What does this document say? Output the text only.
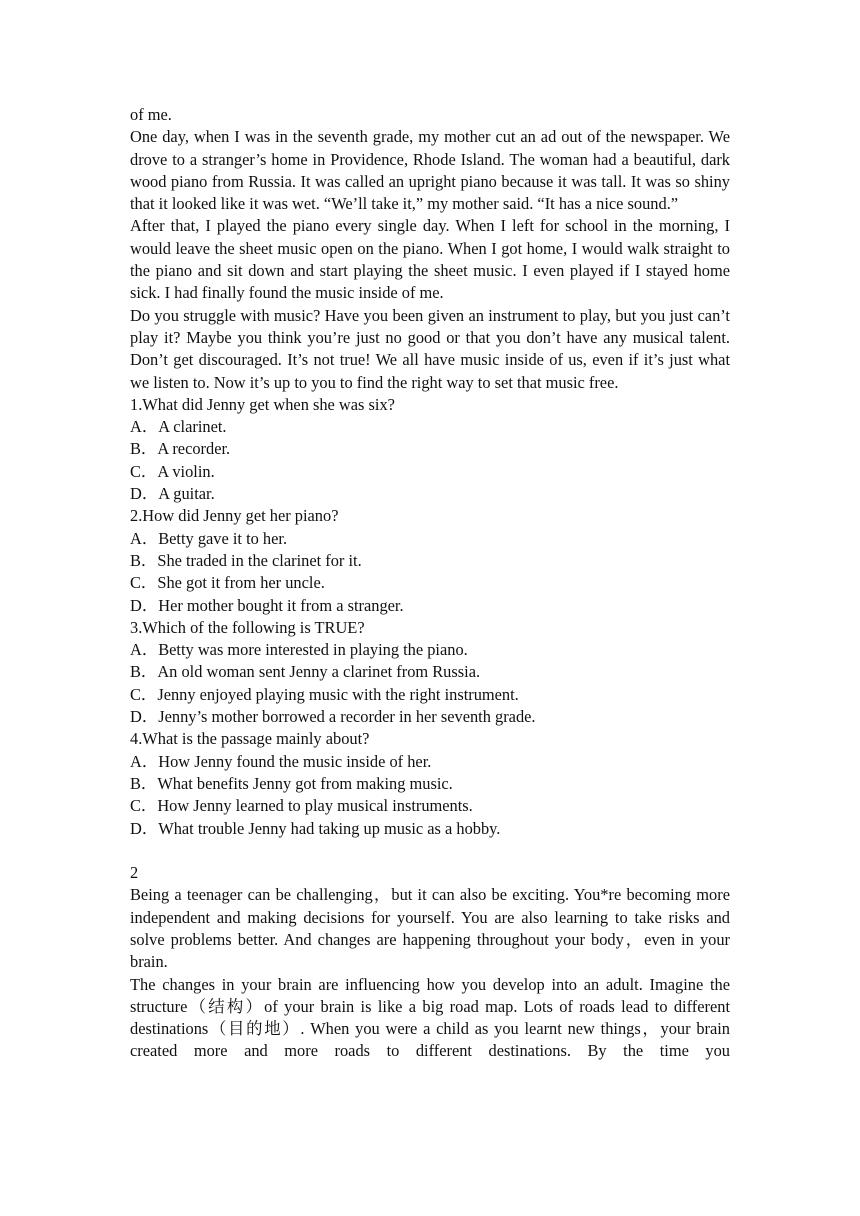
of me.

One day, when I was in the seventh grade, my mother cut an ad out of the newspaper. We drove to a stranger’s home in Providence, Rhode Island. The woman had a beautiful, dark wood piano from Russia. It was called an upright piano because it was tall. It was so shiny that it looked like it was wet. “We’ll take it,” my mother said. “It has a nice sound.”

After that, I played the piano every single day. When I left for school in the morning, I would leave the sheet music open on the piano. When I got home, I would walk straight to the piano and sit down and start playing the sheet music. I even played if I stayed home sick. I had finally found the music inside of me.

Do you struggle with music? Have you been given an instrument to play, but you just can’t play it? Maybe you think you’re just no good or that you don’t have any musical talent. Don’t get discouraged. It’s not true! We all have music inside of us, even if it’s just what we listen to. Now it’s up to you to find the right way to set that music free.

1.What did Jenny get when she was six?

A．A clarinet.

B．A recorder.

C．A violin.

D．A guitar.

2.How did Jenny get her piano?

A．Betty gave it to her.

B．She traded in the clarinet for it.

C．She got it from her uncle.

D．Her mother bought it from a stranger.

3.Which of the following is TRUE?

A．Betty was more interested in playing the piano.

B．An old woman sent Jenny a clarinet from Russia.

C．Jenny enjoyed playing music with the right instrument.

D．Jenny’s mother borrowed a recorder in her seventh grade.

4.What is the passage mainly about?

A．How Jenny found the music inside of her.

B．What benefits Jenny got from making music.

C．How Jenny learned to play musical instruments.

D．What trouble Jenny had taking up music as a hobby.

2

Being a teenager can be challenging，but it can also be exciting. You*re becoming more independent and making decisions for yourself. You are also learning to take risks and solve problems better. And changes are happening throughout your body，even in your brain.

The changes in your brain are influencing how you develop into an adult. Imagine the structure（结构）of your brain is like a big road map. Lots of roads lead to different destinations（目的地）. When you were a child as you learnt new things，your brain created more and more roads to different destinations. By the time you
